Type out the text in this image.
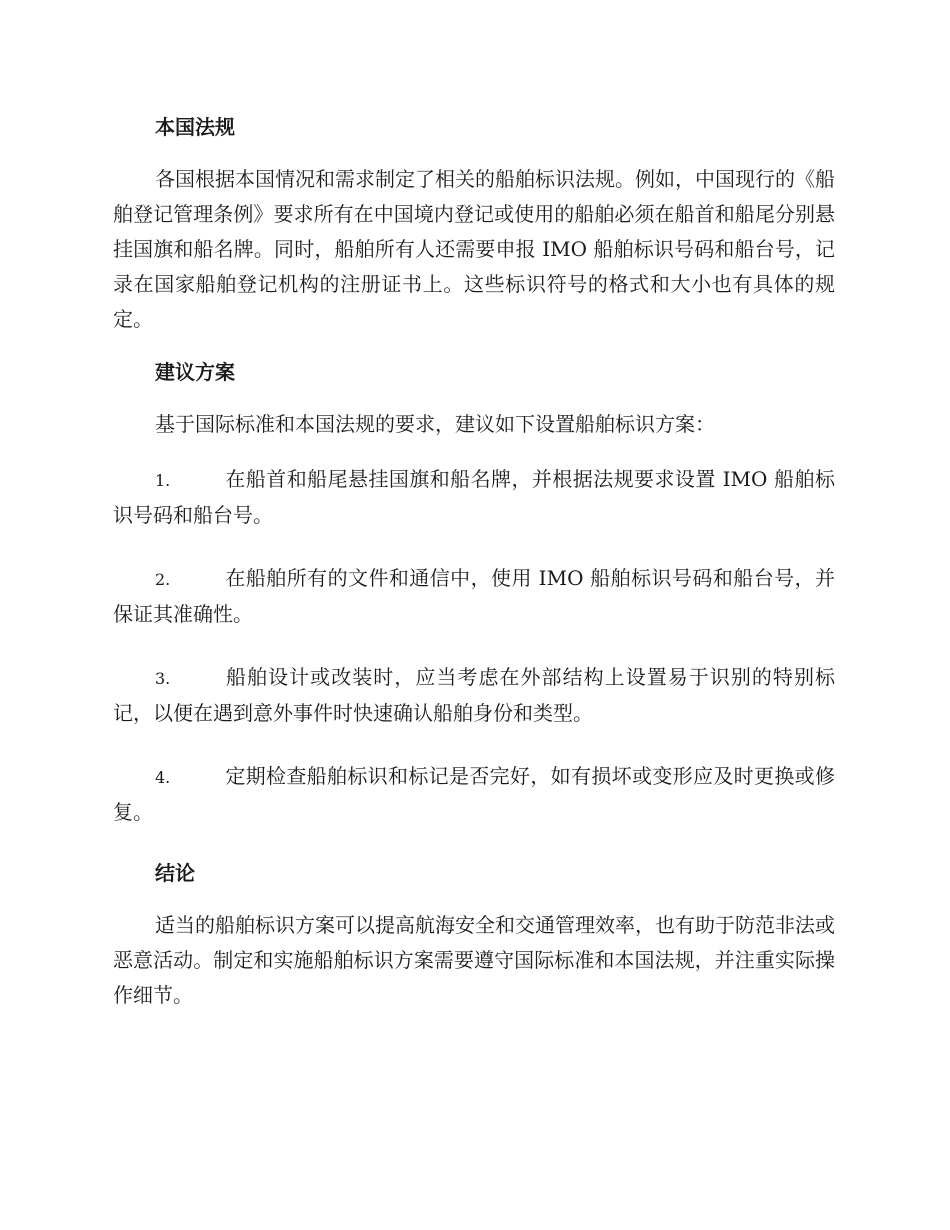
本国法规

各国根据本国情况和需求制定了相关的船舶标识法规。例如，中国现行的《船舶登记管理条例》要求所有在中国境内登记或使用的船舶必须在船首和船尾分别悬挂国旗和船名牌。同时，船舶所有人还需要申报 IMO 船舶标识号码和船台号，记录在国家船舶登记机构的注册证书上。这些标识符号的格式和大小也有具体的规定。

建议方案

基于国际标准和本国法规的要求，建议如下设置船舶标识方案：

1.	在船首和船尾悬挂国旗和船名牌，并根据法规要求设置 IMO 船舶标识号码和船台号。

2.	在船舶所有的文件和通信中，使用 IMO 船舶标识号码和船台号，并保证其准确性。

3.	船舶设计或改装时，应当考虑在外部结构上设置易于识别的特别标记，以便在遇到意外事件时快速确认船舶身份和类型。

4.	定期检查船舶标识和标记是否完好，如有损坏或变形应及时更换或修复。

结论

适当的船舶标识方案可以提高航海安全和交通管理效率，也有助于防范非法或恶意活动。制定和实施船舶标识方案需要遵守国际标准和本国法规，并注重实际操作细节。
